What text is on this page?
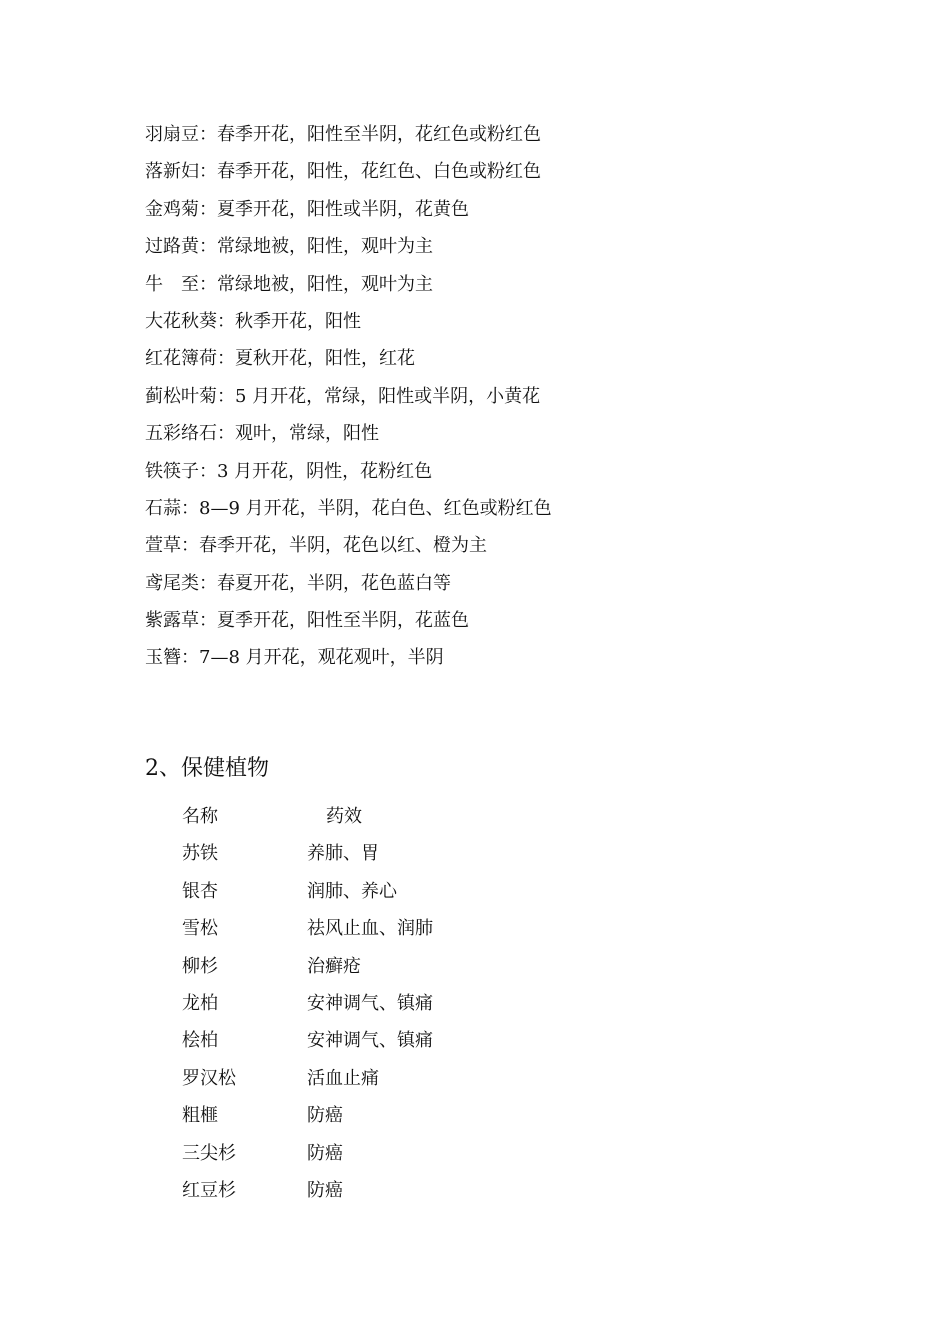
羽扇豆：春季开花，阳性至半阴，花红色或粉红色
落新妇：春季开花，阳性，花红色、白色或粉红色
金鸡菊：夏季开花，阳性或半阴，花黄色
过路黄：常绿地被，阳性，观叶为主
牛　至：常绿地被，阳性，观叶为主
大花秋葵：秋季开花，阳性
红花簿荷：夏秋开花，阳性，红花
蓟松叶菊：5 月开花，常绿，阳性或半阴，小黄花
五彩络石：观叶，常绿，阳性
铁筷子：3 月开花，阴性，花粉红色
石蒜：8—9 月开花，半阴，花白色、红色或粉红色
萱草：春季开花，半阴，花色以红、橙为主
鸢尾类：春夏开花，半阴，花色蓝白等
紫露草：夏季开花，阳性至半阴，花蓝色
玉簪：7—8 月开花，观花观叶，半阴
2、保健植物
名称	药效
苏铁	养肺、胃
银杏	润肺、养心
雪松	祛风止血、润肺
柳杉	治癣疮
龙柏	安神调气、镇痛
桧柏	安神调气、镇痛
罗汉松	活血止痛
粗榧	防癌
三尖杉	防癌
红豆杉	防癌
